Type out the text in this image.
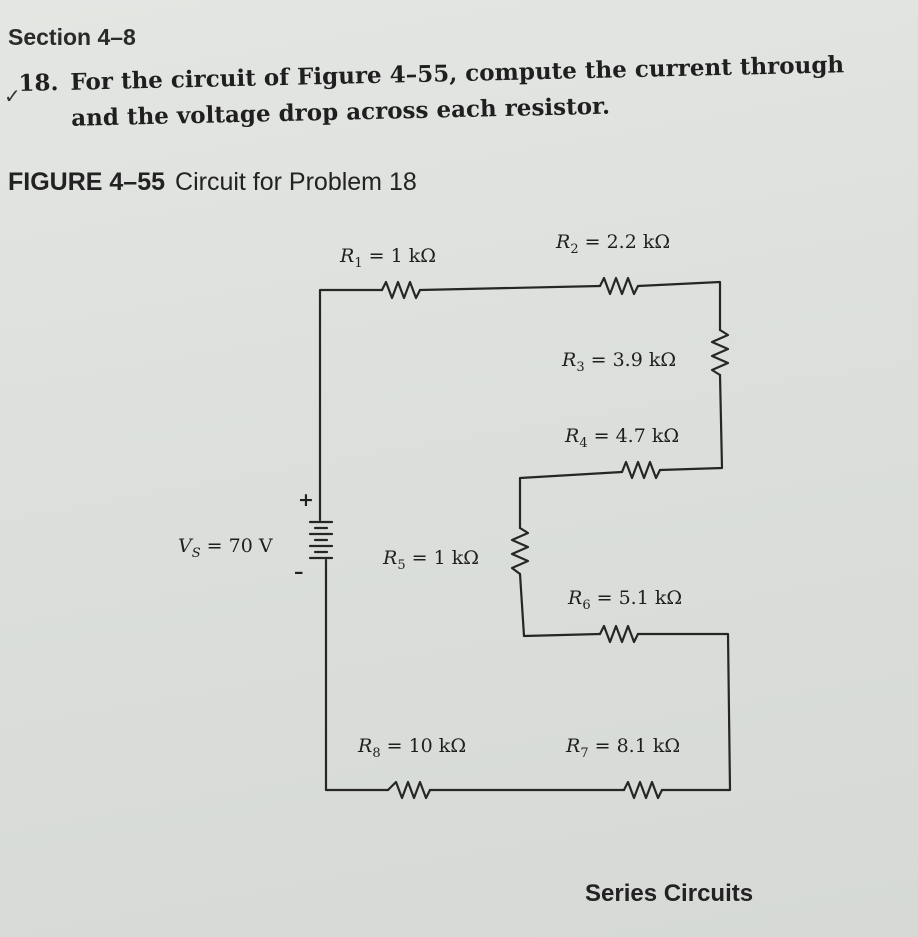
Section 4–8
✓
18. For the circuit of Figure 4–55, compute the current through
and the voltage drop across each resistor.
FIGURE 4–55 Circuit for Problem 18
$R_1 = 1$ kΩ
$R_2 = 2.2$ kΩ
$R_3 = 3.9$ kΩ
$R_4 = 4.7$ kΩ
$R_5 = 1$ kΩ
$R_6 = 5.1$ kΩ
$R_7 = 8.1$ kΩ
$R_8 = 10$ kΩ
$V_S = 70$ V
+
–
Series Circuits
